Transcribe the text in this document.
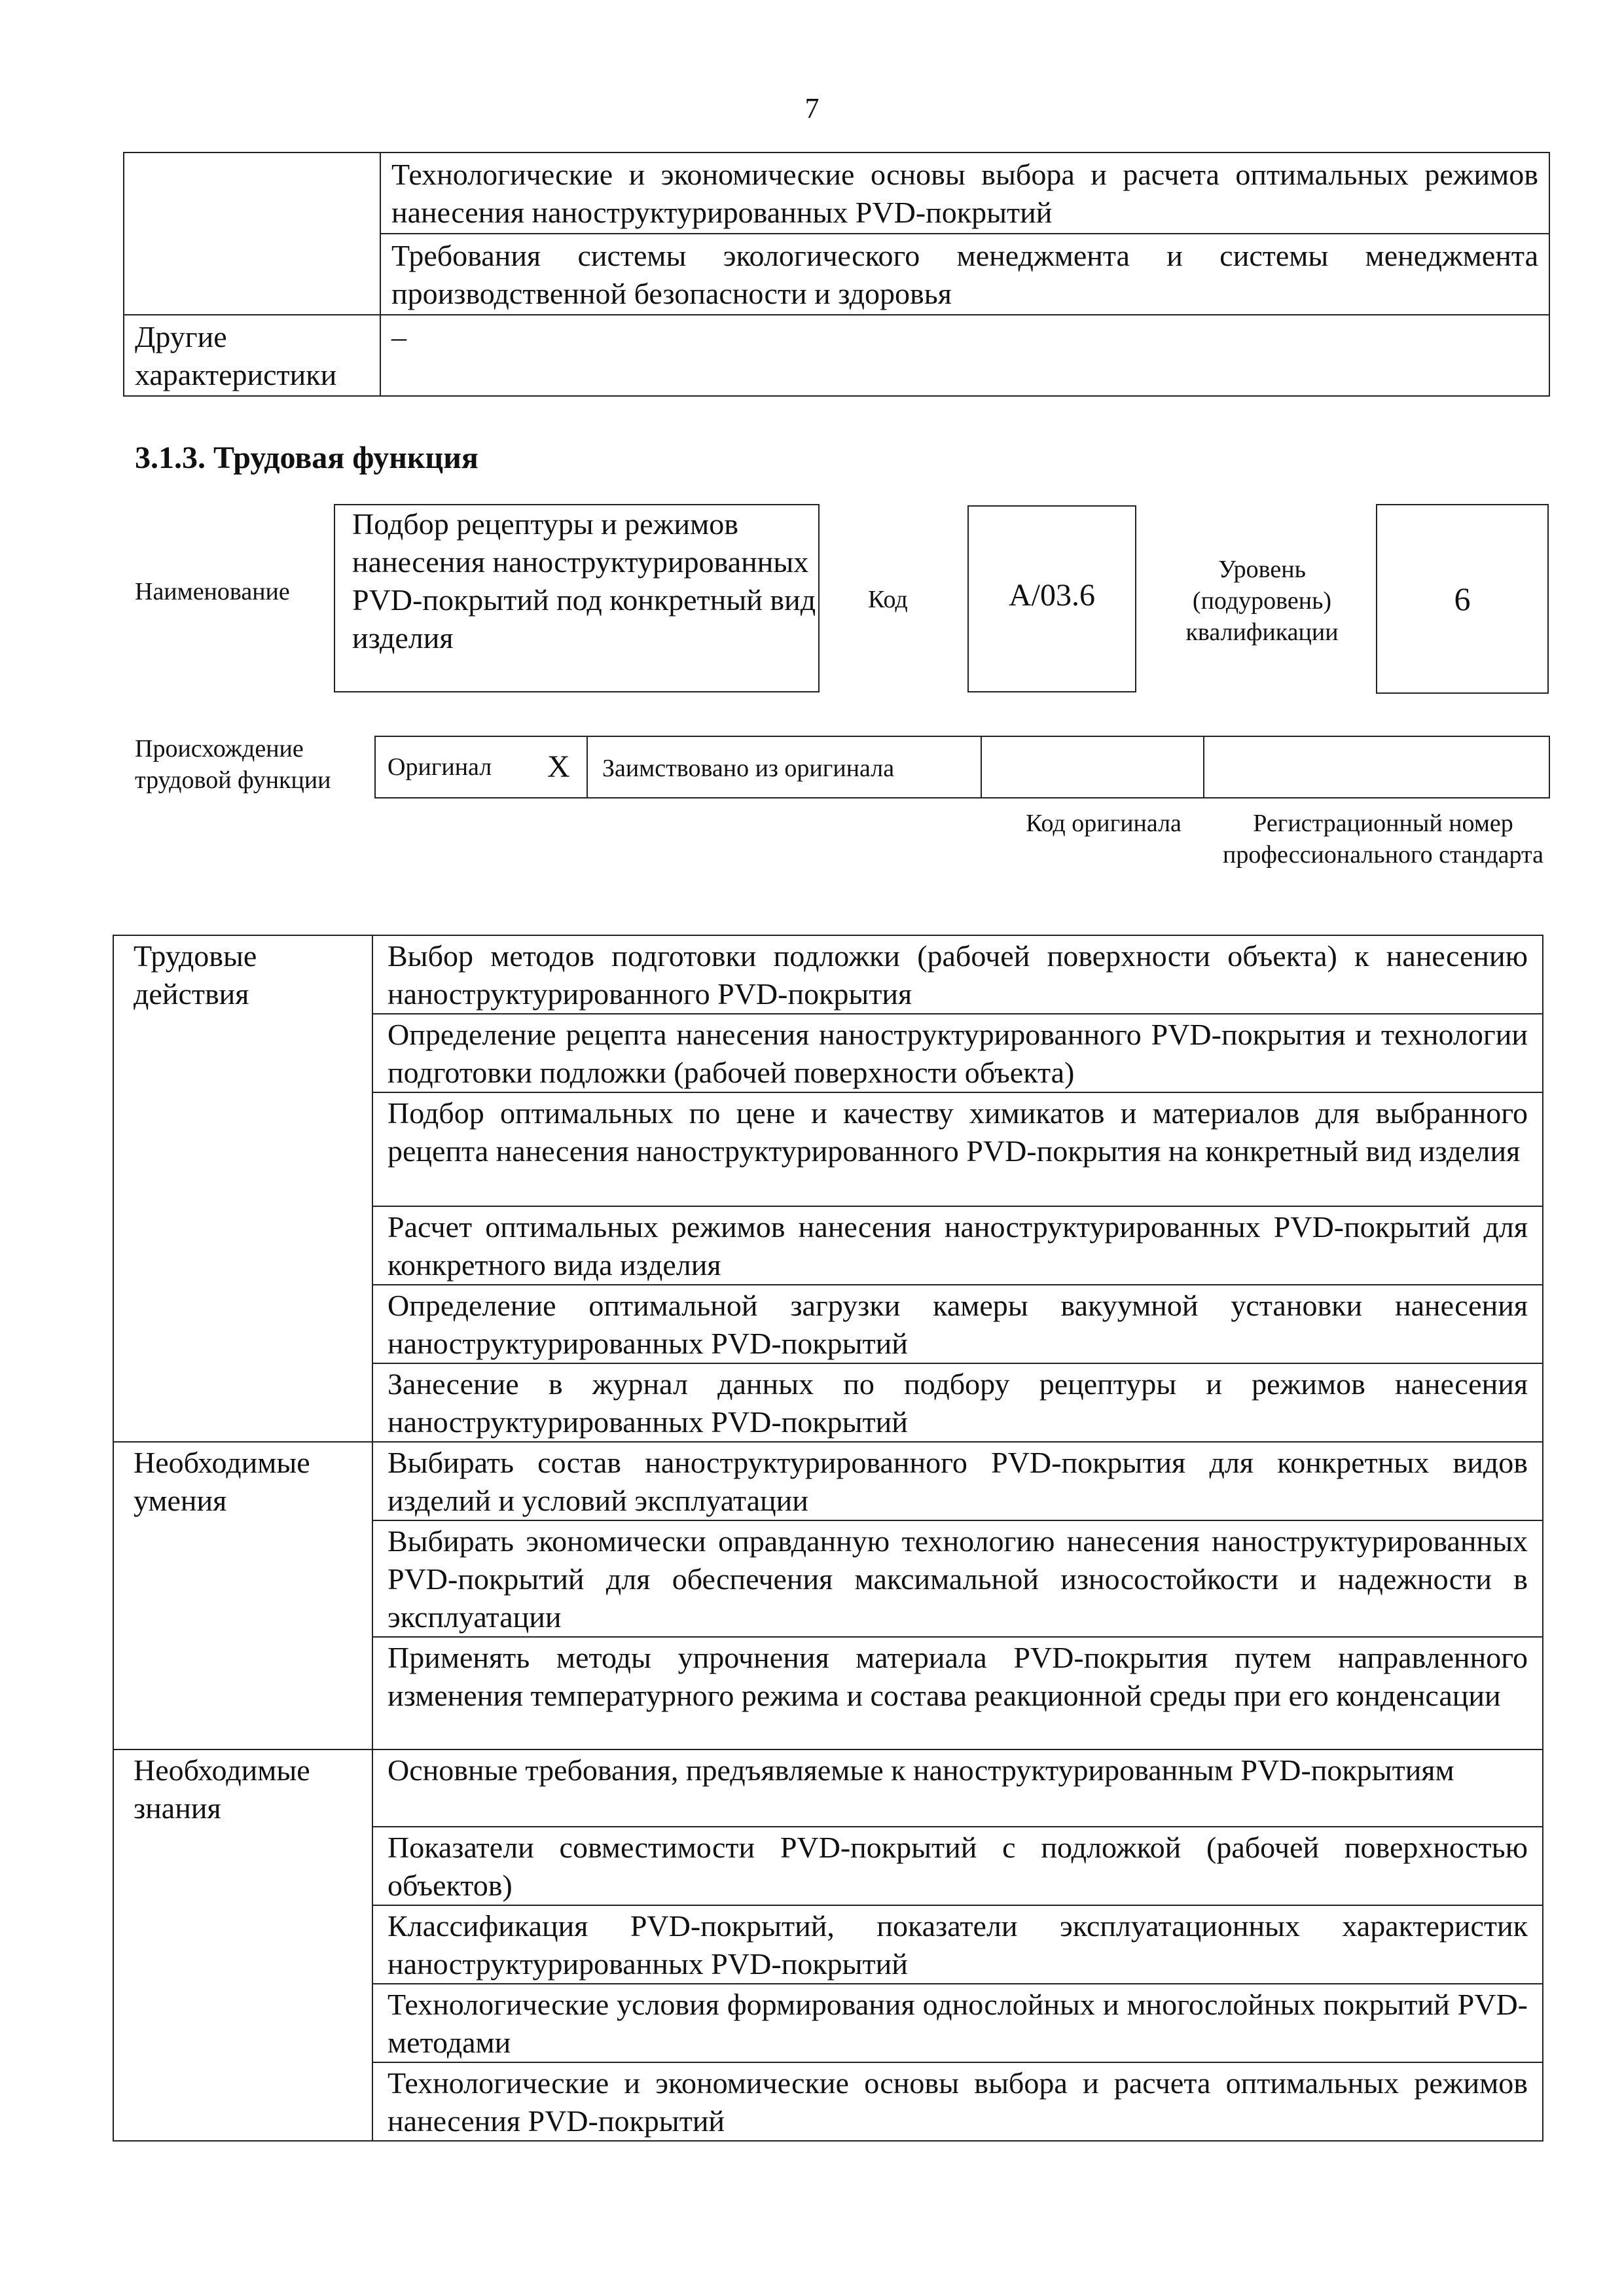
7
	Технологические и экономические основы выбора и расчета оптимальных режимов нанесения наноструктурированных PVD-покрытий
	Требования системы экологического менеджмента и системы менеджмента производственной безопасности и здоровья
Другие характеристики	–
3.1.3. Трудовая функция
Наименование
Подбор рецептуры и режимов нанесения наноструктурированных PVD-покрытий под конкретный вид изделия
Код	А/03.6
Уровень (подуровень) квалификации
6
Происхождение трудовой функции	Оригинал	X	Заимствовано из оригинала		
Код оригинала	Регистрационный номер профессионального стандарта
Трудовые действия	Выбор методов подготовки подложки (рабочей поверхности объекта) к нанесению наноструктурированного PVD-покрытия
	Определение рецепта нанесения наноструктурированного PVD-покрытия и технологии подготовки подложки (рабочей поверхности объекта)
	Подбор оптимальных по цене и качеству химикатов и материалов для выбранного рецепта нанесения наноструктурированного PVD-покрытия на конкретный вид изделия
	Расчет оптимальных режимов нанесения наноструктурированных PVD-покрытий для конкретного вида изделия
	Определение оптимальной загрузки камеры вакуумной установки нанесения наноструктурированных PVD-покрытий
	Занесение в журнал данных по подбору рецептуры и режимов нанесения наноструктурированных PVD-покрытий
Необходимые умения	Выбирать состав наноструктурированного PVD-покрытия для конкретных видов изделий и условий эксплуатации
	Выбирать экономически оправданную технологию нанесения наноструктурированных PVD-покрытий для обеспечения максимальной износостойкости и надежности в эксплуатации
	Применять методы упрочнения материала PVD-покрытия путем направленного изменения температурного режима и состава реакционной среды при его конденсации
Необходимые знания	Основные требования, предъявляемые к наноструктурированным PVD-покрытиям
	Показатели совместимости PVD-покрытий с подложкой (рабочей поверхностью объектов)
	Классификация PVD-покрытий, показатели эксплуатационных характеристик наноструктурированных PVD-покрытий
	Технологические условия формирования однослойных и многослойных покрытий PVD-методами
	Технологические и экономические основы выбора и расчета оптимальных режимов нанесения PVD-покрытий
